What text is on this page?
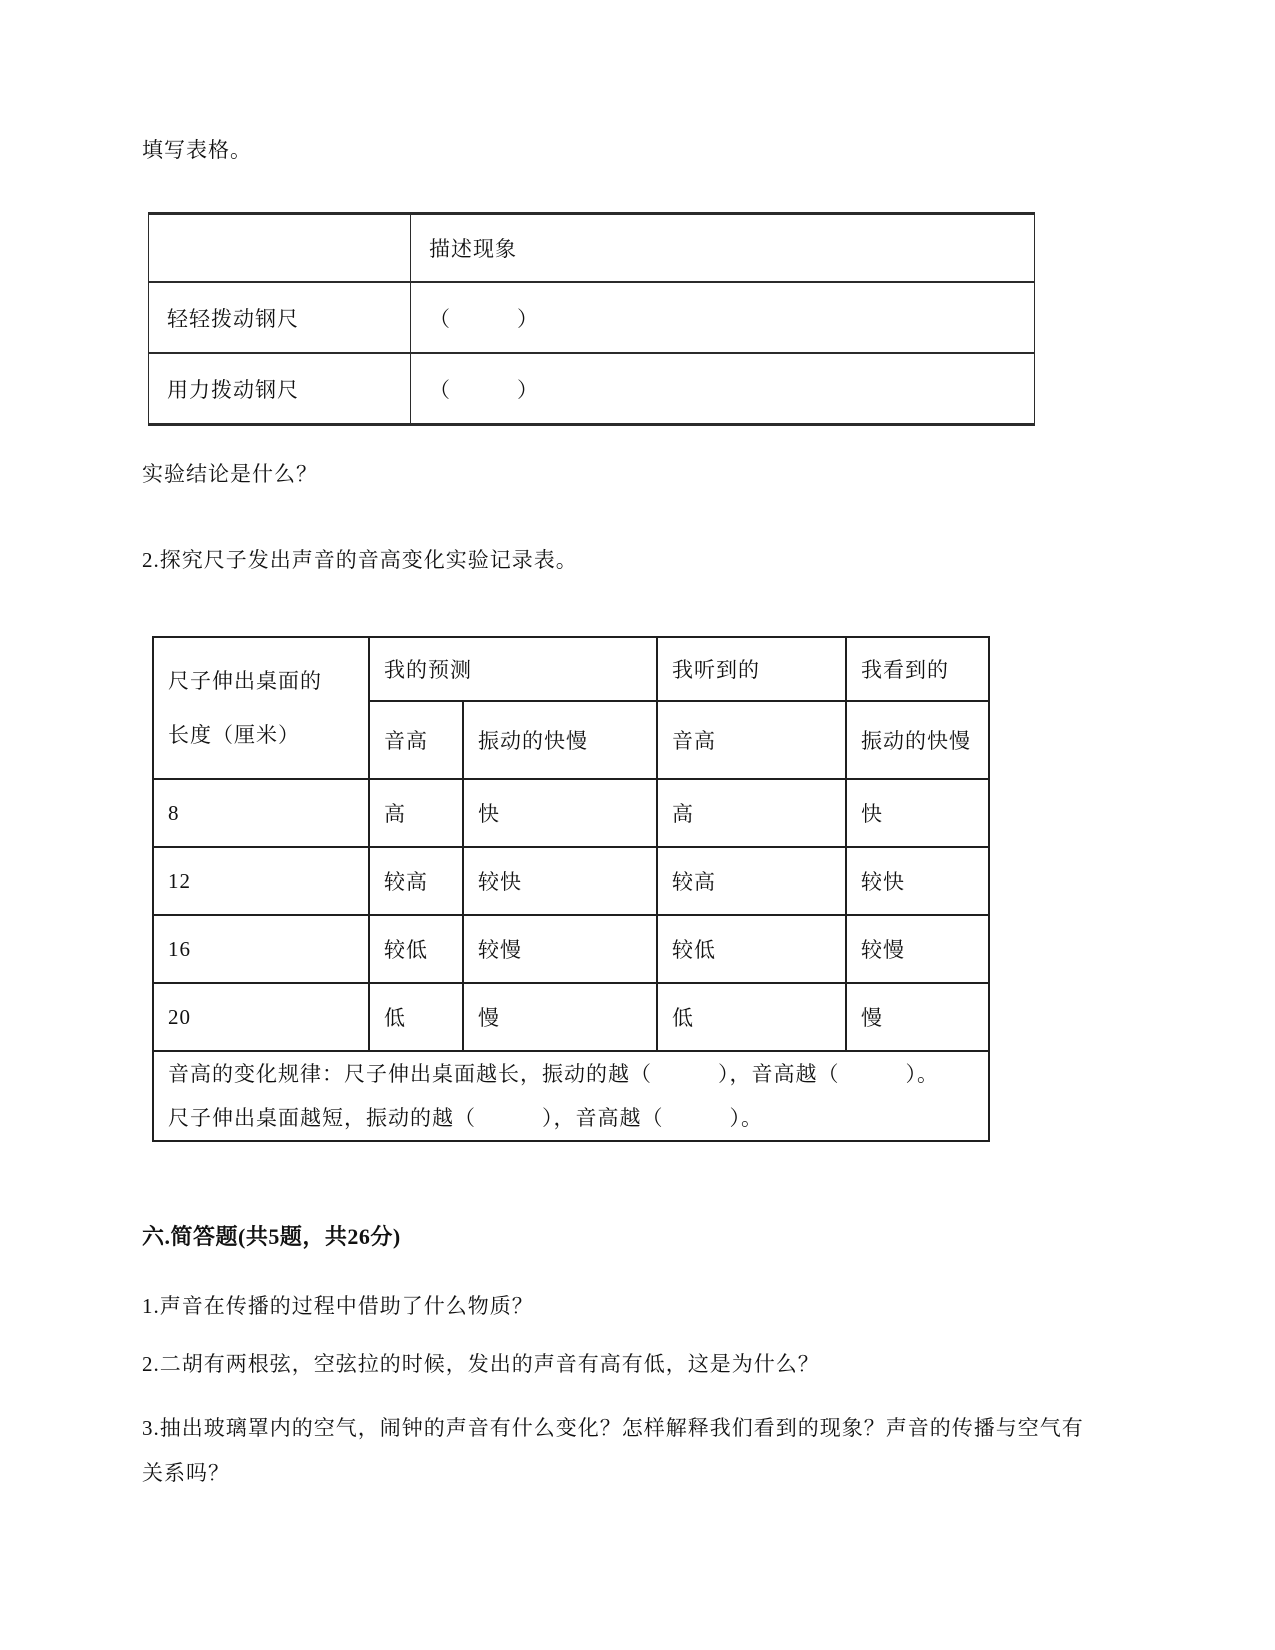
填写表格。
	描述现象
轻轻拨动钢尺	（　　　）
用力拨动钢尺	（　　　）
实验结论是什么？
2.探究尺子发出声音的音高变化实验记录表。
尺子伸出桌面的
长度（厘米）	我的预测		我听到的	我看到的
	音高	振动的快慢	音高	振动的快慢
8	高	快	高	快
12	较高	较快	较高	较快
16	较低	较慢	较低	较慢
20	低	慢	低	慢

音高的变化规律：尺子伸出桌面越长，振动的越（　　　），音高越（　　　）。
尺子伸出桌面越短，振动的越（　　　），音高越（　　　）。				
六.简答题(共5题，共26分)
1.声音在传播的过程中借助了什么物质？
2.二胡有两根弦，空弦拉的时候，发出的声音有高有低，这是为什么？
3.抽出玻璃罩内的空气，闹钟的声音有什么变化？怎样解释我们看到的现象？声音的传播与空气有关系吗？
